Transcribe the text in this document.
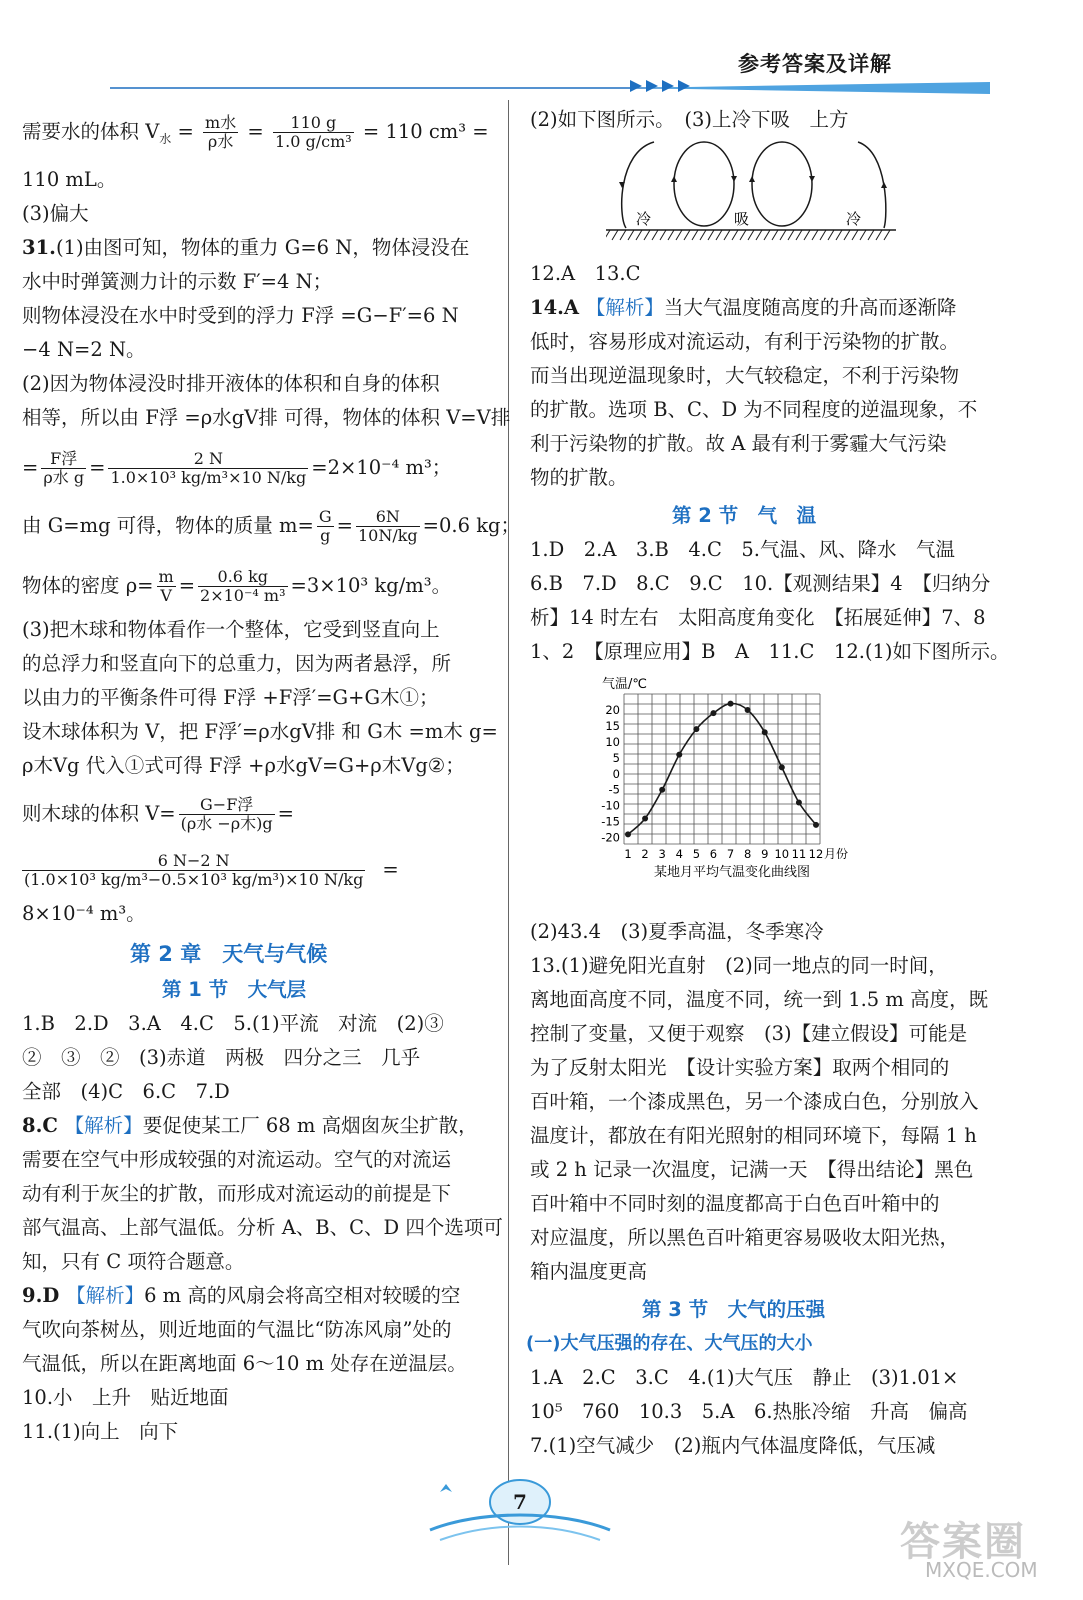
参考答案及详解
需要水的体积 $V_水 = \frac{\text{m水}}{\text{ρ水}} = \frac{110 g}{\text{1.0 g/cm³}} = 110$ cm³ =
110 mL。
(3)偏大
31.(1)由图可知，物体的重力 G=6 N，物体浸没在
水中时弹簧测力计的示数 F′=4 N；
则物体浸没在水中时受到的浮力 F浮 =G−F′=6 N
−4 N=2 N。
(2)因为物体浸没时排开液体的体积和自身的体积
相等，所以由 F浮 =ρ水gV排 可得，物体的体积 V=V排
= $\frac{\text{F浮}}{\text{ρ水 g}} = \frac{2 N}{\text{1.0×10³ kg/m³×10 N/kg}} =2\times 10^{-4}$ m³；
由 G=mg 可得，物体的质量 $m= \frac{G}{g} = \frac{6N}{10N/kg} =0.6$ kg；
物体的密度 $\rho= \frac{m}{V} = \frac{0.6 kg}{\text{2×10⁻⁴ m³}} =3\times 10^3$ kg/m³。
(3)把木球和物体看作一个整体，它受到竖直向上
的总浮力和竖直向下的总重力，因为两者悬浮，所
以由力的平衡条件可得 F浮 +F浮′=G+G木①；
设木球体积为 V，把 F浮′=ρ水gV排 和 G木 =m木 g=
ρ木Vg 代入①式可得 F浮 +ρ水gV=G+ρ木Vg②；
则木球的体积 $V= \frac{\text{G−F浮}}{\text{(ρ水 −ρ木)g}}$ =
$\frac{6 N-2 N}{\text{(1.0×10³ kg/m³−0.5×10³ kg/m³)×10 N/kg}}$ =
8×10⁻⁴ m³。
第 2 章　天气与气候
第 1 节　大气层
1.B　2.D　3.A　4.C　5.(1)平流　对流　(2)③
②　③　②　(3)赤道　两极　四分之三　几乎
全部　(4)C　6.C　7.D
8.C 【解析】要促使某工厂 68 m 高烟囱灰尘扩散，
需要在空气中形成较强的对流运动。空气的对流运
动有利于灰尘的扩散，而形成对流运动的前提是下
部气温高、上部气温低。分析 A、B、C、D 四个选项可
知，只有 C 项符合题意。
9.D 【解析】6 m 高的风扇会将高空相对较暖的空
气吹向茶树丛，则近地面的气温比“防冻风扇”处的
气温低，所以在距离地面 6～10 m 处存在逆温层。
10.小　上升　贴近地面
11.(1)向上　向下
(2)如下图所示。　(3)上冷下吸　上方
冷	吸	冷
12.A　13.C
14.A 【解析】当大气温度随高度的升高而逐渐降
低时，容易形成对流运动，有利于污染物的扩散。
而当出现逆温现象时，大气较稳定，不利于污染物
的扩散。选项 B、C、D 为不同程度的逆温现象，不
利于污染物的扩散。故 A 最有利于雾霾大气污染
物的扩散。
第 2 节　气　温
1.D　2.A　3.B　4.C　5.气温、风、降水　气温
6.B　7.D　8.C　9.C　10.【观测结果】4　【归纳分
析】14 时左右　太阳高度角变化　【拓展延伸】7、8
1、2　【原理应用】B　A　11.C　12.(1)如下图所示。
20
15
10
5
0
-5
-10
-15
-20
1 2 3 4 5 6 7 8 9 10 11 12
气温/℃
月份
某地月平均气温变化曲线图
(2)43.4　(3)夏季高温，冬季寒冷
13.(1)避免阳光直射　(2)同一地点的同一时间，
离地面高度不同，温度不同，统一到 1.5 m 高度，既
控制了变量，又便于观察　(3)【建立假设】可能是
为了反射太阳光　【设计实验方案】取两个相同的
百叶箱，一个漆成黑色，另一个漆成白色，分别放入
温度计，都放在有阳光照射的相同环境下，每隔 1 h
或 2 h 记录一次温度，记满一天　【得出结论】黑色
百叶箱中不同时刻的温度都高于白色百叶箱中的
对应温度，所以黑色百叶箱更容易吸收太阳光热，
箱内温度更高
第 3 节　大气的压强
(一)大气压强的存在、大气压的大小
1.A　2.C　3.C　4.(1)大气压　静止　(3)1.01×
10⁵　760　10.3　5.A　6.热胀冷缩　升高　偏高
7.(1)空气减少　(2)瓶内气体温度降低，气压减
7
答案圈
MXQE.COM
